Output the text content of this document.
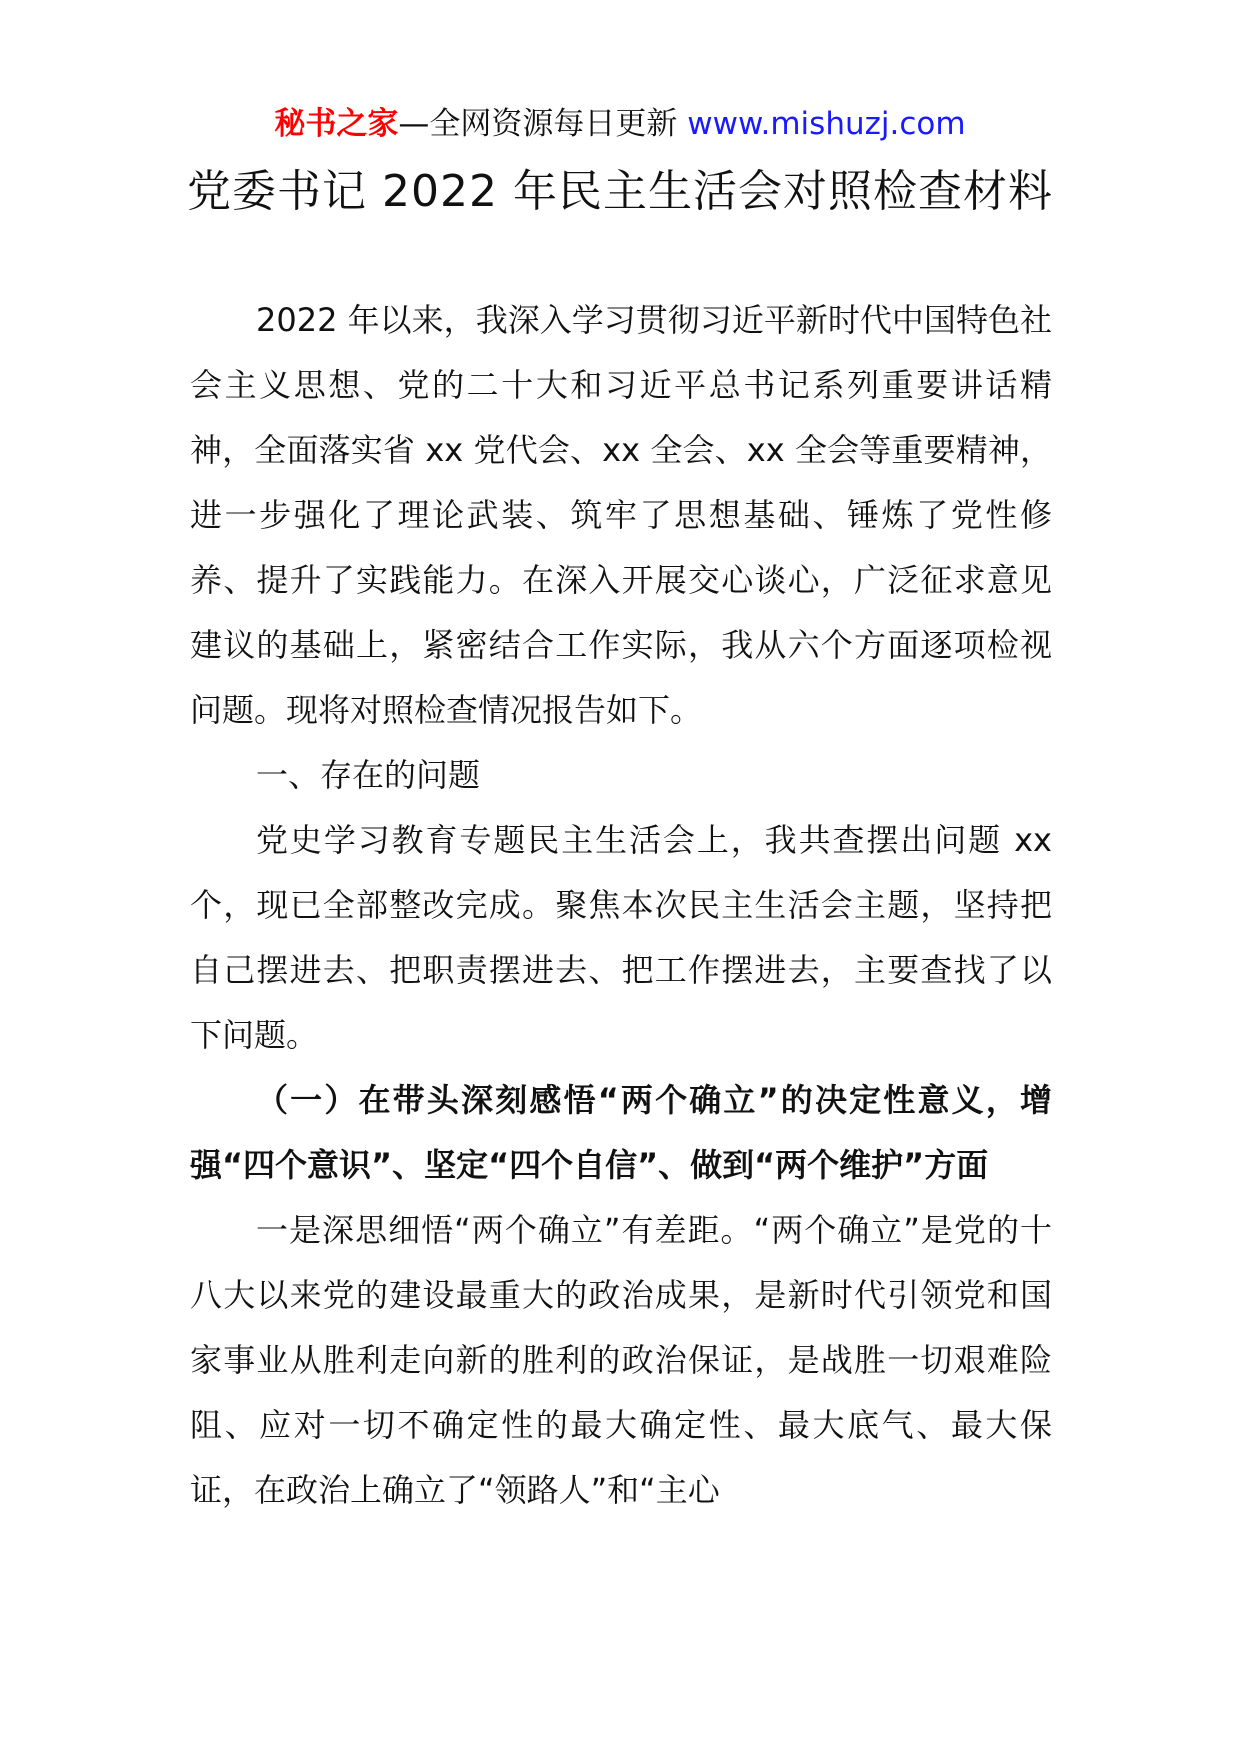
秘书之家—全网资源每日更新 www.mishuzj.com
党委书记 2022 年民主生活会对照检查材料

2022 年以来，我深入学习贯彻习近平新时代中国特色社会主义思想、党的二十大和习近平总书记系列重要讲话精神，全面落实省 xx 党代会、xx 全会、xx 全会等重要精神，进一步强化了理论武装、筑牢了思想基础、锤炼了党性修养、提升了实践能力。在深入开展交心谈心，广泛征求意见建议的基础上，紧密结合工作实际，我从六个方面逐项检视问题。现将对照检查情况报告如下。

一、存在的问题

党史学习教育专题民主生活会上，我共查摆出问题 xx 个，现已全部整改完成。聚焦本次民主生活会主题，坚持把自己摆进去、把职责摆进去、把工作摆进去，主要查找了以下问题。

（一）在带头深刻感悟“两个确立”的决定性意义，增强“四个意识”、坚定“四个自信”、做到“两个维护”方面

一是深思细悟“两个确立”有差距。“两个确立”是党的十八大以来党的建设最重大的政治成果，是新时代引领党和国家事业从胜利走向新的胜利的政治保证，是战胜一切艰难险阻、应对一切不确定性的最大确定性、最大底气、最大保证，在政治上确立了“领路人”和“主心
